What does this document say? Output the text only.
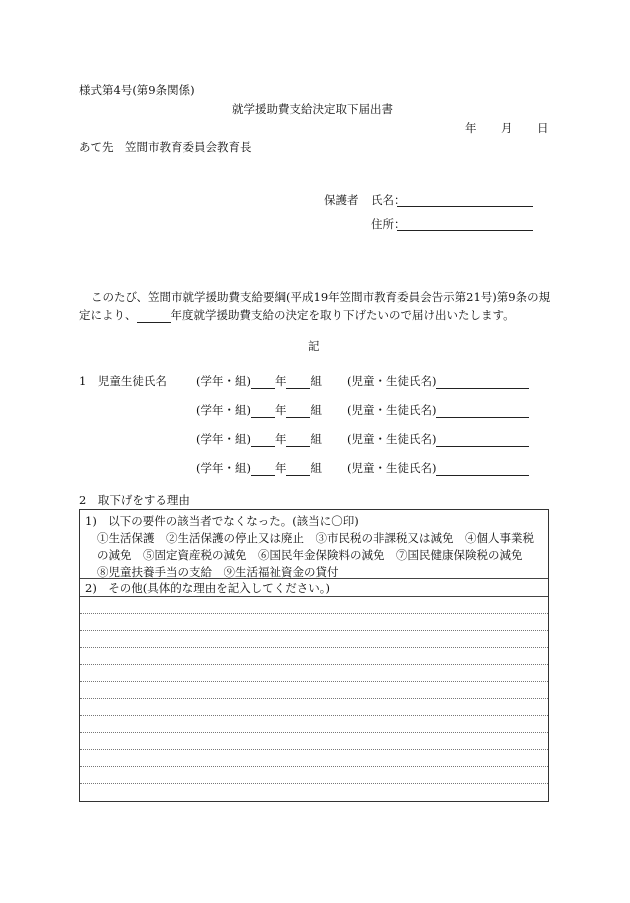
様式第4号(第9条関係)
就学援助費支給決定取下届出書
年 月 日
あて先　笠間市教育委員会教育長
保護者 氏名：
住所：
このたび、笠間市就学援助費支給要綱(平成19年笠間市教育委員会告示第21号)第9条の規
定により、	年度就学援助費支給の決定を取り下げたいので届け出いたします。
記
1　児童生徒氏名	(学年・組) 年 組 (児童・生徒氏名)
(学年・組) 年 組 (児童・生徒氏名)
(学年・組) 年 組 (児童・生徒氏名)
(学年・組) 年 組 (児童・生徒氏名)
2　取下げをする理由
1)　以下の要件の該当者でなくなった。(該当に〇印)
①生活保護　②生活保護の停止又は廃止　③市民税の非課税又は減免　④個人事業税
の減免　⑤固定資産税の減免　⑥国民年金保険料の減免　⑦国民健康保険税の減免
⑧児童扶養手当の支給　⑨生活福祉資金の貸付
2)　その他(具体的な理由を記入してください。)
